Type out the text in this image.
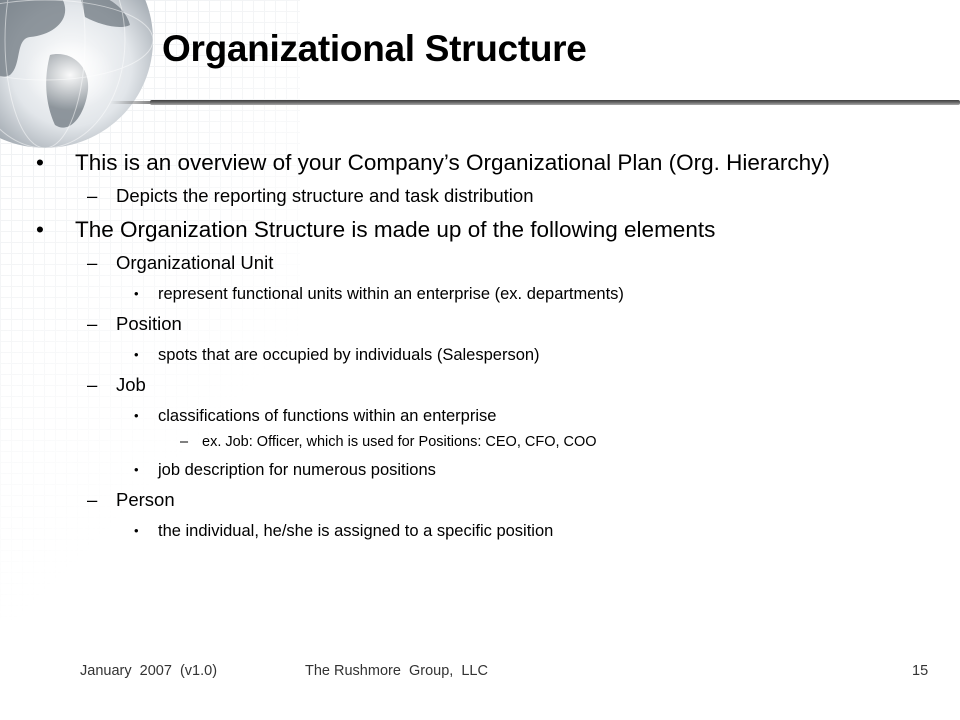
Organizational Structure
• This is an overview of your Company’s Organizational Plan (Org. Hierarchy)
– Depicts the reporting structure and task distribution
• The Organization Structure is made up of the following elements
– Organizational Unit
• represent functional units within an enterprise (ex. departments)
– Position
• spots that are occupied by individuals (Salesperson)
– Job
• classifications of functions within an enterprise
– ex. Job: Officer, which is used for Positions: CEO, CFO, COO
• job description for numerous positions
– Person
• the individual, he/she is assigned to a specific position
January  2007  (v1.0)	The Rushmore  Group,  LLC	15
